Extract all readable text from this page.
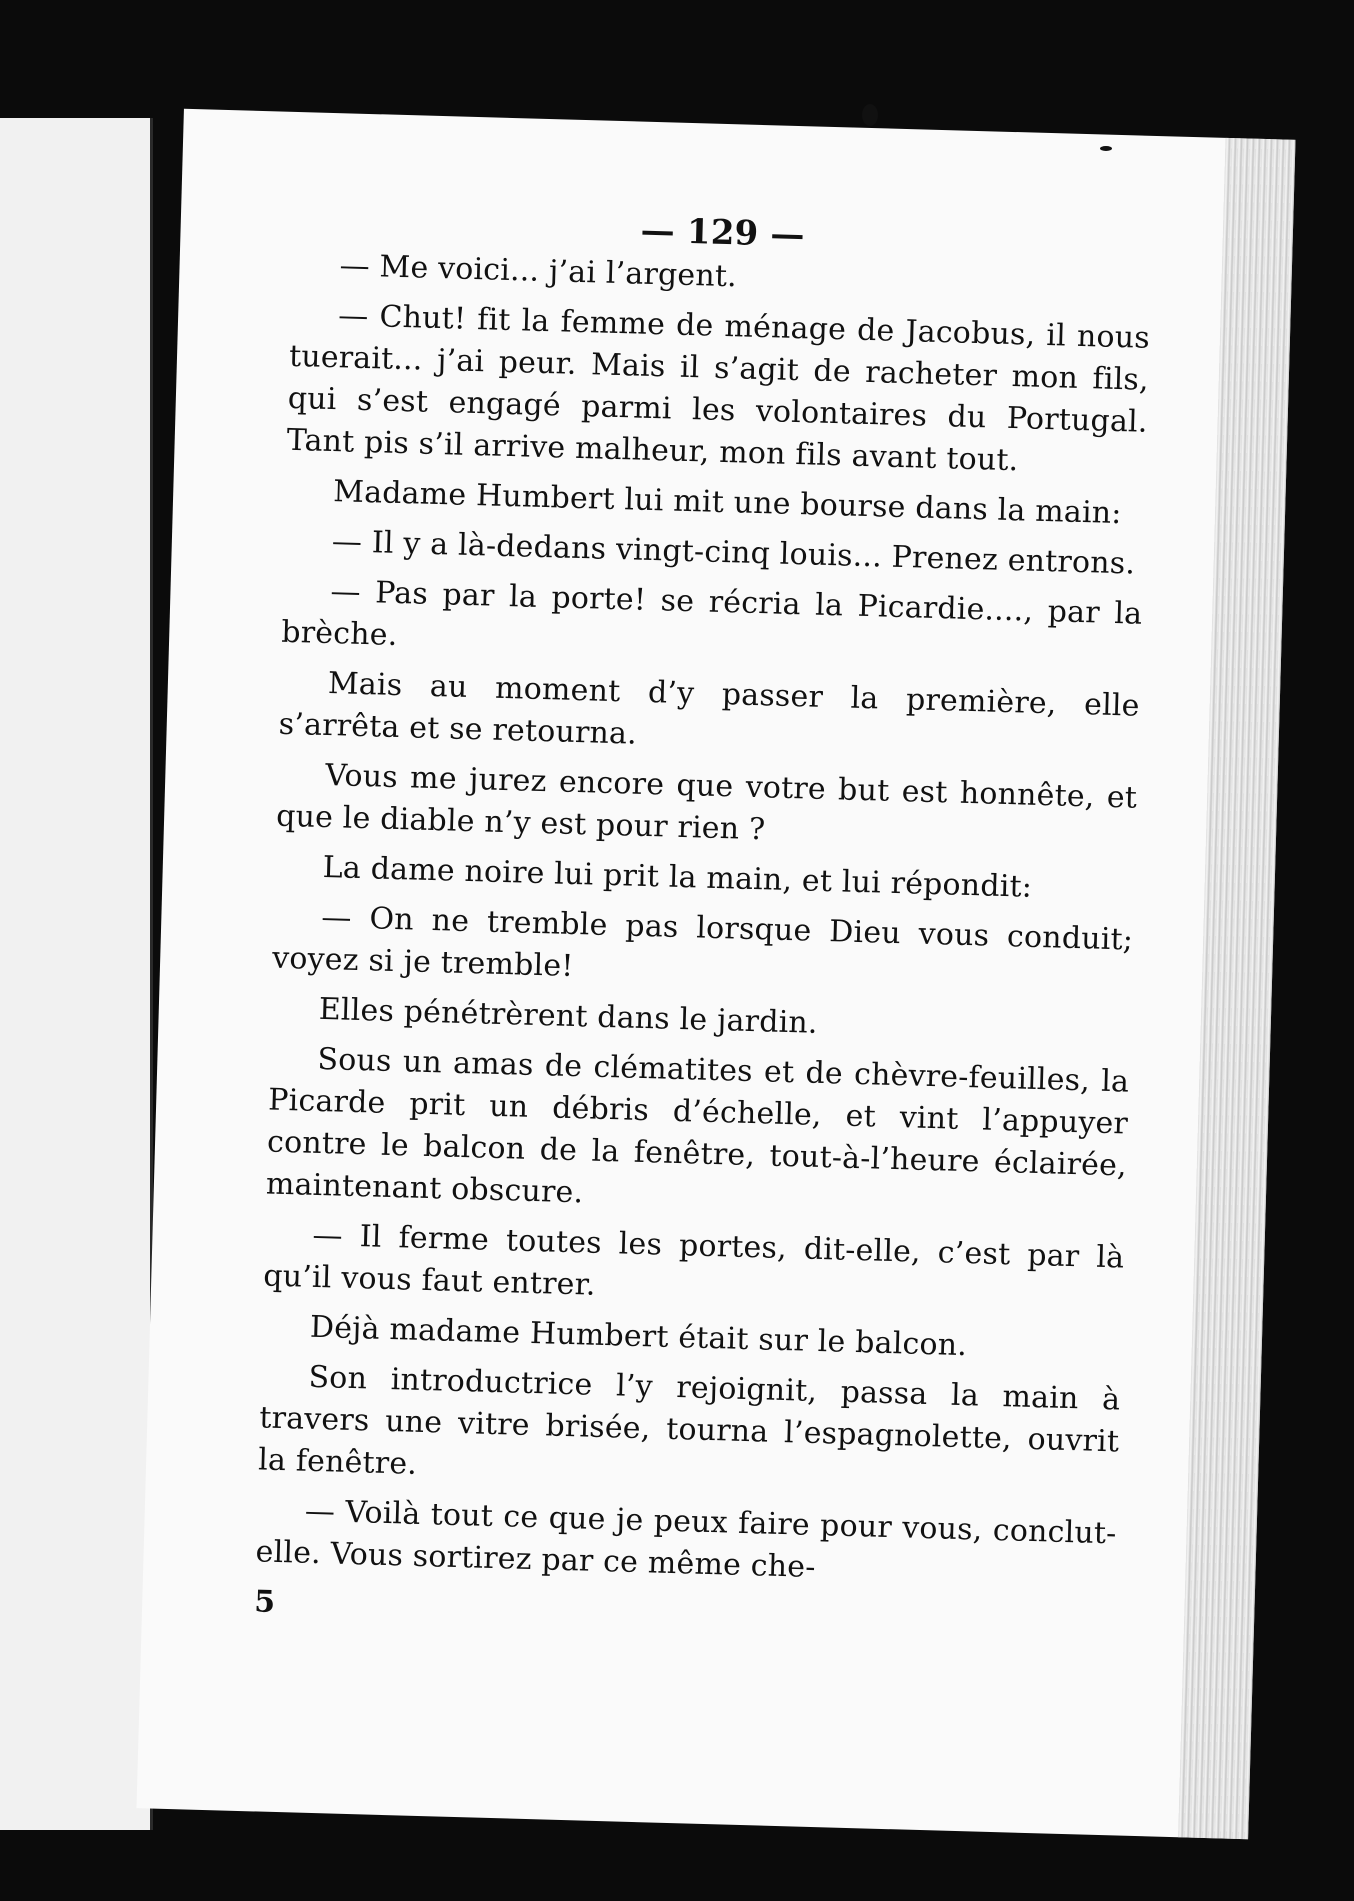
— 129 —

— Me voici... j’ai l’argent.

— Chut! fit la femme de ménage de Jacobus, il nous tuerait... j’ai peur. Mais il s’agit de racheter mon fils, qui s’est engagé parmi les volontaires du Portugal. Tant pis s’il arrive malheur, mon fils avant tout.

Madame Humbert lui mit une bourse dans la main:

— Il y a là-dedans vingt-cinq louis... Prenez entrons.

— Pas par la porte! se récria la Picardie...., par la brèche.

Mais au moment d’y passer la première, elle s’arrêta et se retourna.

Vous me jurez encore que votre but est honnête, et que le diable n’y est pour rien ?

La dame noire lui prit la main, et lui répondit:

— On ne tremble pas lorsque Dieu vous conduit; voyez si je tremble!

Elles pénétrèrent dans le jardin.

Sous un amas de clématites et de chèvre-feuilles, la Picarde prit un débris d’échelle, et vint l’appuyer contre le balcon de la fenêtre, tout-à-l’heure éclairée, maintenant obscure.

— Il ferme toutes les portes, dit-elle, c’est par là qu’il vous faut entrer.

Déjà madame Humbert était sur le balcon.

Son introductrice l’y rejoignit, passa la main à travers une vitre brisée, tourna l’espagnolette, ouvrit la fenêtre.

— Voilà tout ce que je peux faire pour vous, conclut-elle. Vous sortirez par ce même che-

5
